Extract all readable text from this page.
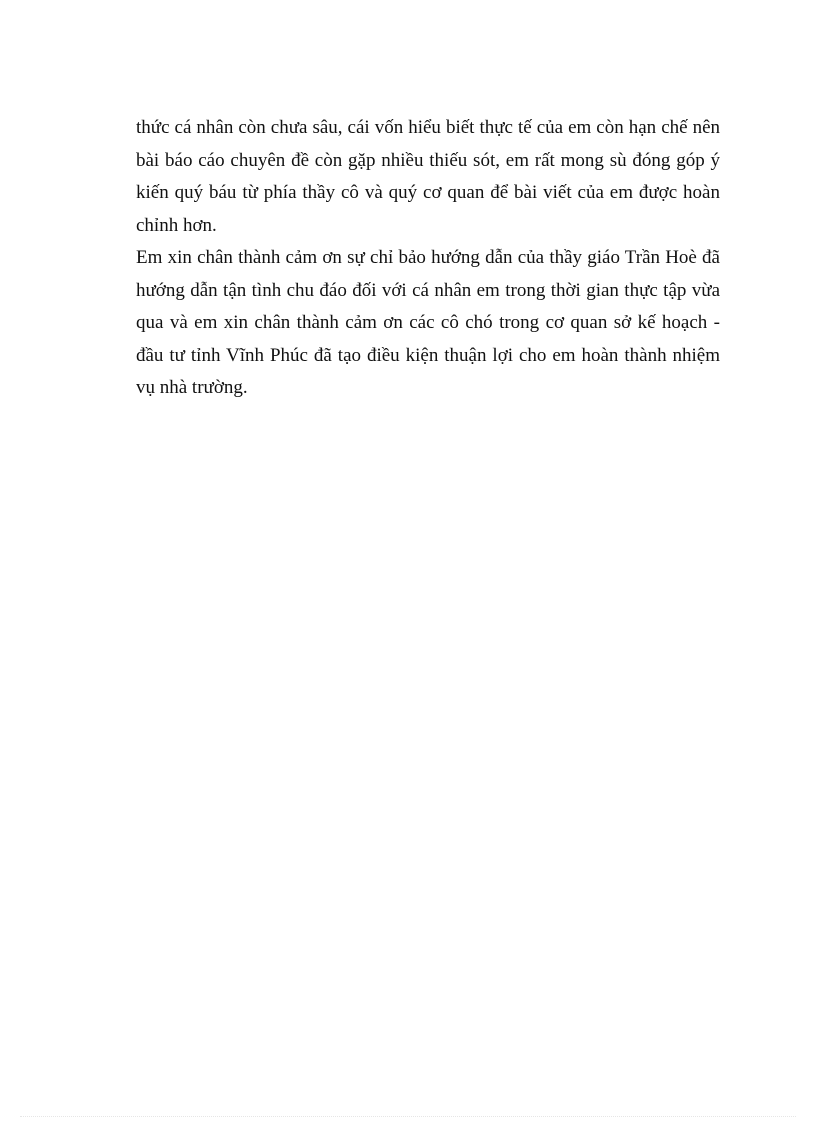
thức cá nhân còn chưa sâu, cái vốn hiểu biết thực tế của em còn hạn chế nên bài báo cáo chuyên đề còn gặp nhiều thiếu sót, em rất mong sù đóng góp ý kiến quý báu từ phía thầy cô và quý cơ quan để bài viết của em được hoàn chỉnh hơn.

Em xin chân thành cảm ơn sự chỉ bảo hướng dẫn của thầy giáo Trần Hoè đã hướng dẫn tận tình chu đáo đối với cá nhân em trong thời gian thực tập vừa qua và em xin chân thành cảm ơn các cô chó trong cơ quan sở kế hoạch - đầu tư tỉnh Vĩnh Phúc đã tạo điều kiện thuận lợi cho em hoàn thành nhiệm vụ nhà trường.
